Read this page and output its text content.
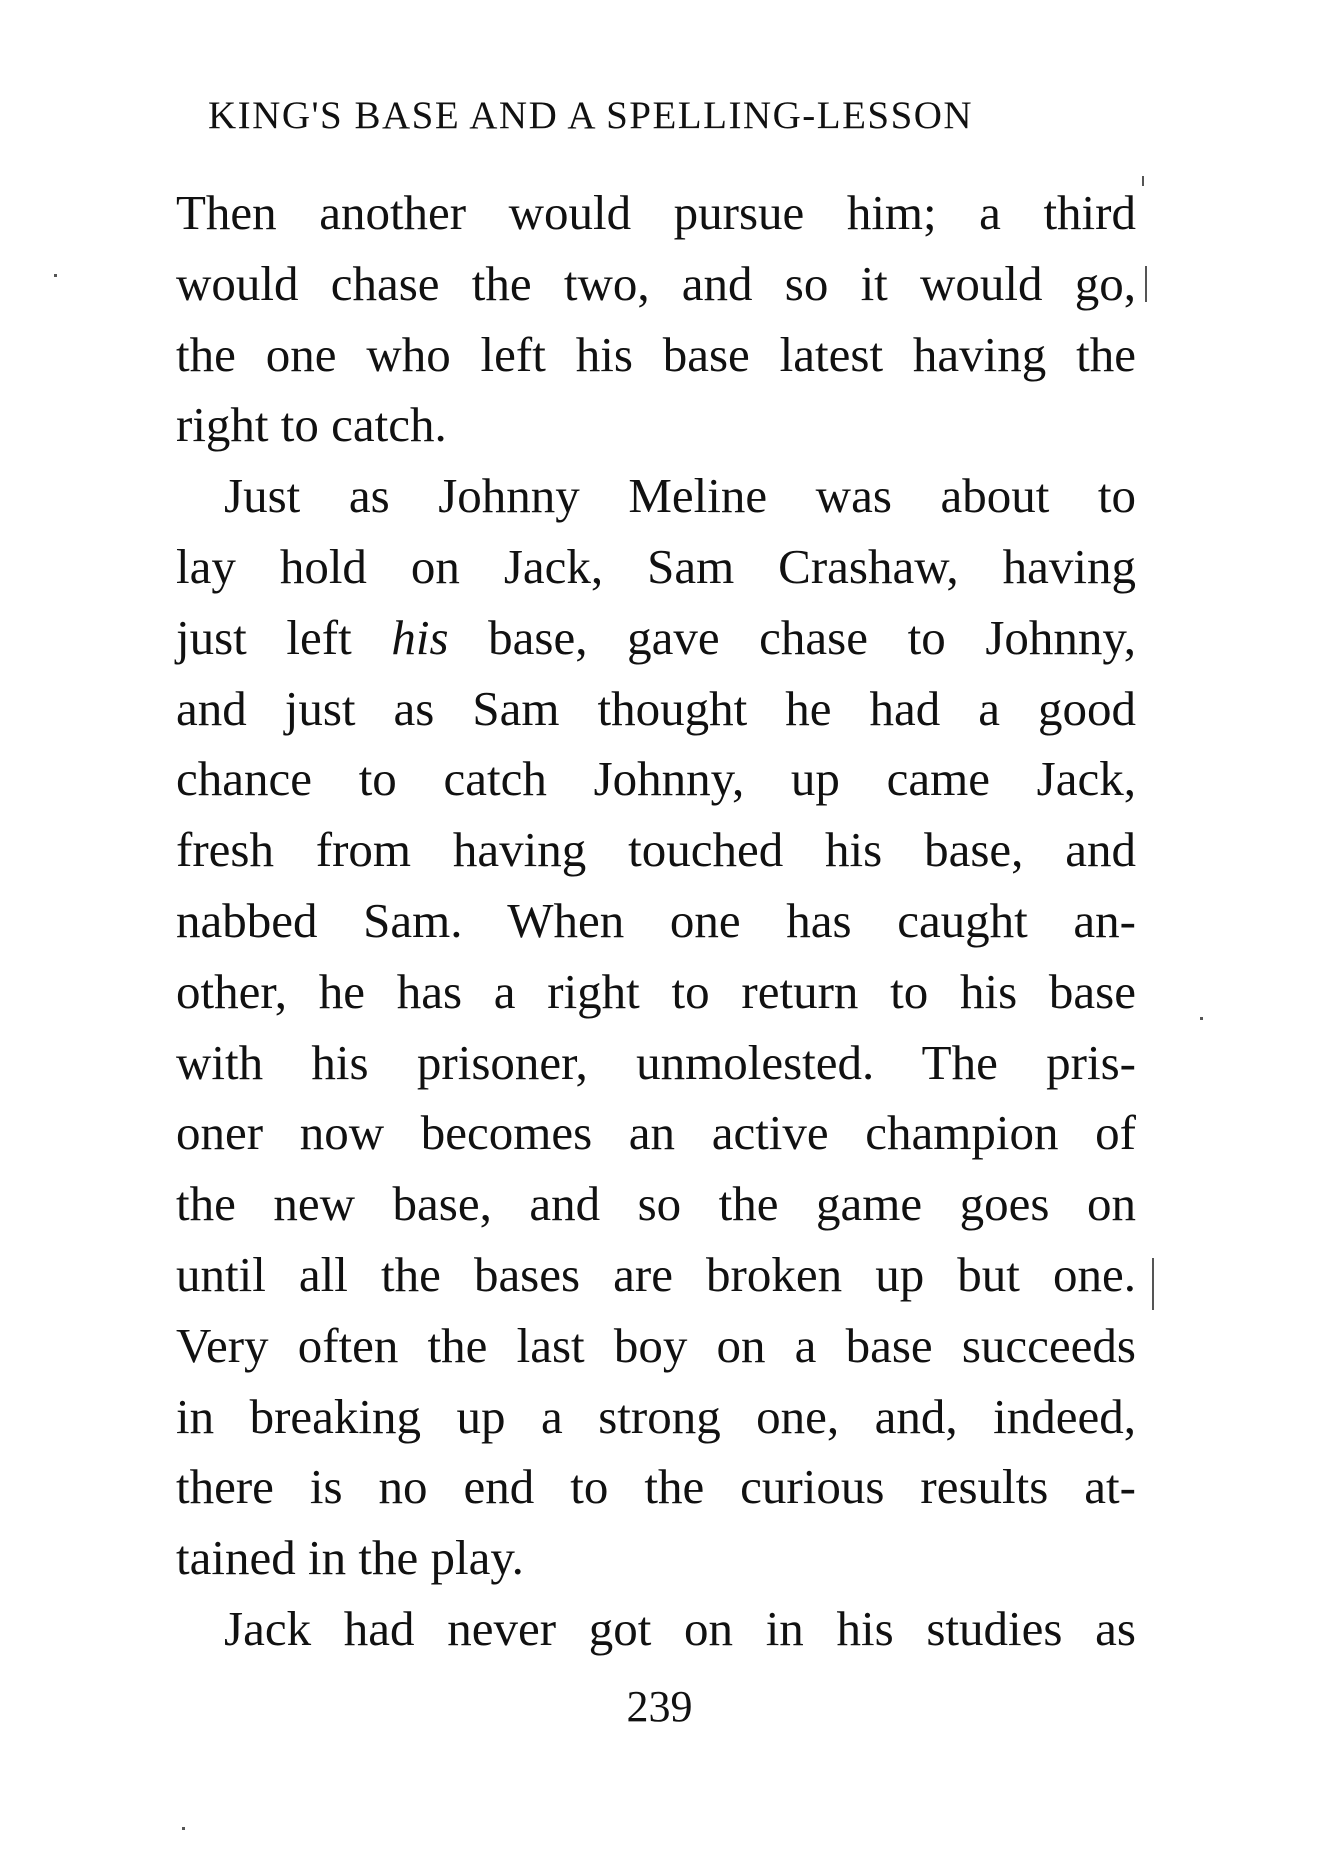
KING'S BASE AND A SPELLING-LESSON
Then another would pursue him; a third
would chase the two, and so it would go,
the one who left his base latest having the
right to catch.
Just as Johnny Meline was about to
lay hold on Jack, Sam Crashaw, having
just left his base, gave chase to Johnny,
and just as Sam thought he had a good
chance to catch Johnny, up came Jack,
fresh from having touched his base, and
nabbed Sam. When one has caught an-
other, he has a right to return to his base
with his prisoner, unmolested. The pris-
oner now becomes an active champion of
the new base, and so the game goes on
until all the bases are broken up but one.
Very often the last boy on a base succeeds
in breaking up a strong one, and, indeed,
there is no end to the curious results at-
tained in the play.
Jack had never got on in his studies as
239
